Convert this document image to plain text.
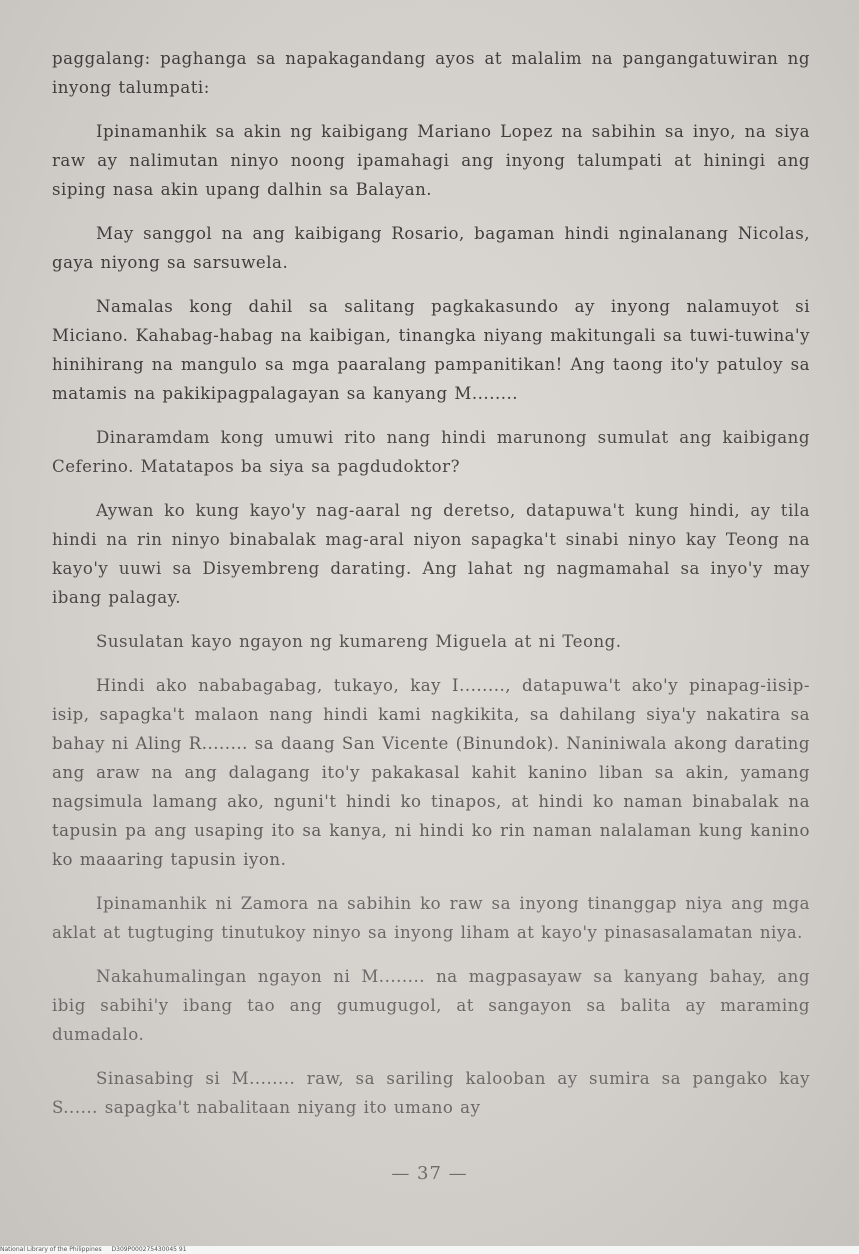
paggalang: paghanga sa napakagandang ayos at malalim na pangangatuwiran ng inyong talumpati:

Ipinamanhik sa akin ng kaibigang Mariano Lopez na sabihin sa inyo, na siya raw ay nalimutan ninyo noong ipamahagi ang inyong talumpati at hiningi ang siping nasa akin upang dalhin sa Balayan.

May sanggol na ang kaibigang Rosario, bagaman hindi nginalanang Nicolas, gaya niyong sa sarsuwela.

Namalas kong dahil sa salitang pagkakasundo ay inyong nalamuyot si Miciano. Kahabag-habag na kaibigan, tinangka niyang makitungali sa tuwi-tuwina'y hinihirang na mangulo sa mga paaralang pampanitikan! Ang taong ito'y patuloy sa matamis na pakikipagpalagayan sa kanyang M........

Dinaramdam kong umuwi rito nang hindi marunong sumulat ang kaibigang Ceferino. Matatapos ba siya sa pagdudoktor?

Aywan ko kung kayo'y nag-aaral ng deretso, datapuwa't kung hindi, ay tila hindi na rin ninyo binabalak mag-aral niyon sapagka't sinabi ninyo kay Teong na kayo'y uuwi sa Disyembreng darating. Ang lahat ng nagmamahal sa inyo'y may ibang palagay.

Susulatan kayo ngayon ng kumareng Miguela at ni Teong.

Hindi ako nababagabag, tukayo, kay I........, datapuwa't ako'y pinapag-iisip-isip, sapagka't malaon nang hindi kami nagkikita, sa dahilang siya'y nakatira sa bahay ni Aling R........ sa daang San Vicente (Binundok). Naniniwala akong darating ang araw na ang dalagang ito'y pakakasal kahit kanino liban sa akin, yamang nagsimula lamang ako, nguni't hindi ko tinapos, at hindi ko naman binabalak na tapusin pa ang usaping ito sa kanya, ni hindi ko rin naman nalalaman kung kanino ko maaaring tapusin iyon.

Ipinamanhik ni Zamora na sabihin ko raw sa inyong tinanggap niya ang mga aklat at tugtuging tinutukoy ninyo sa inyong liham at kayo'y pinasasalamatan niya.

Nakahumalingan ngayon ni M........ na magpasayaw sa kanyang bahay, ang ibig sabihi'y ibang tao ang gumugugol, at sangayon sa balita ay maraming dumadalo.

Sinasabing si M........ raw, sa sariling kalooban ay sumira sa pangako kay S...... sapagka't nabalitaan niyang ito umano ay

— 37 —
National Library of the Philippines D309P000275430045 91
